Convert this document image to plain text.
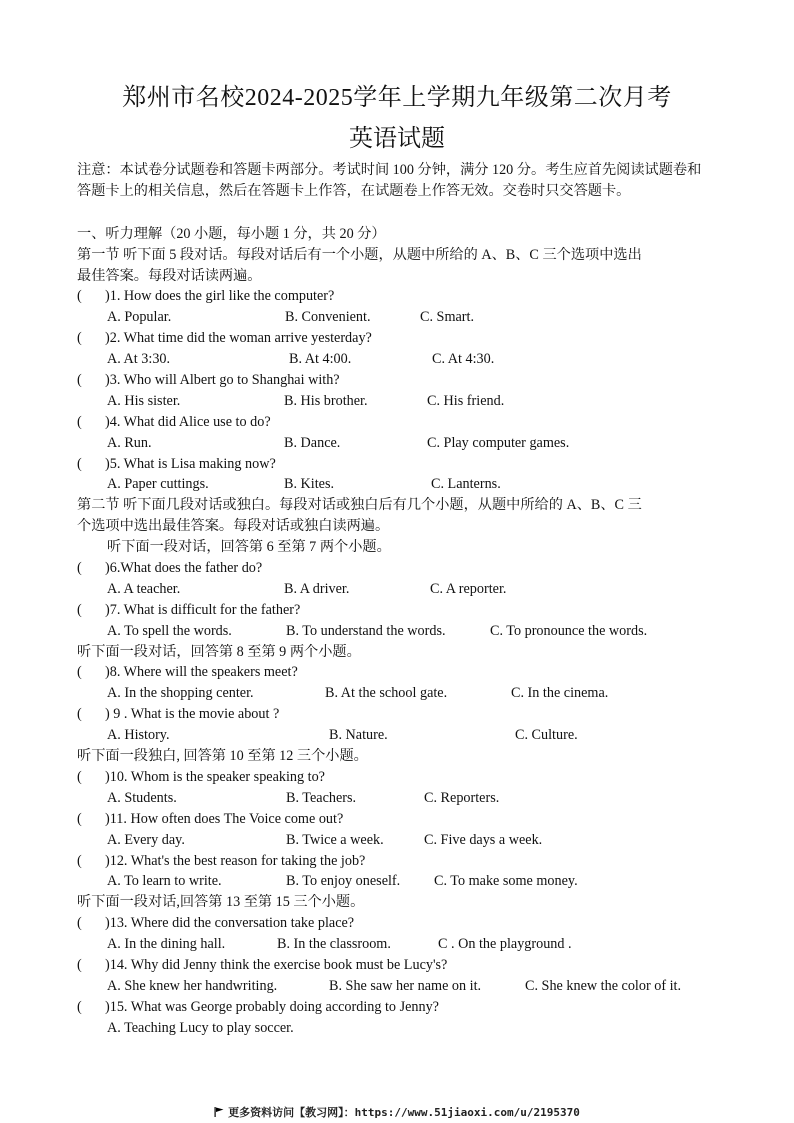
郑州市名校2024-2025学年上学期九年级第二次月考
英语试题
注意：本试卷分试题卷和答题卡两部分。考试时间 100 分钟，满分 120 分。考生应首先阅读试题卷和
答题卡上的相关信息，然后在答题卡上作答，在试题卷上作答无效。交卷时只交答题卡。
一、听力理解（20 小题，每小题 1 分，共 20 分）
第一节 听下面 5 段对话。每段对话后有一个小题，从题中所给的 A、B、C 三个选项中选出
最佳答案。每段对话读两遍。
( )1. How does the girl like the computer?
A. Popular.	B. Convenient.	C. Smart.
( )2. What time did the woman arrive yesterday?
A. At 3:30.	B. At 4:00.	C. At 4:30.
( )3. Who will Albert go to Shanghai with?
A. His sister.	B. His brother.	C. His friend.
( )4. What did Alice use to do?
A. Run.	B. Dance.	C. Play computer games.
( )5. What is Lisa making now?
A. Paper cuttings.	B. Kites.	C. Lanterns.
第二节 听下面几段对话或独白。每段对话或独白后有几个小题，从题中所给的 A、B、C 三
个选项中选出最佳答案。每段对话或独白读两遍。
听下面一段对话，回答第 6 至第 7 两个小题。
( )6.What does the father do?
A. A teacher.	B. A driver.	C. A reporter.
( )7. What is difficult for the father?
A. To spell the words.	B. To understand the words.	C. To pronounce the words.
听下面一段对话，回答第 8 至第 9 两个小题。
( )8. Where will the speakers meet?
A. In the shopping center.	B. At the school gate.	C. In the cinema.
( ) 9 . What is the movie about ?
A. History.	B. Nature.	C. Culture.
听下面一段独白, 回答第 10 至第 12 三个小题。
( )10. Whom is the speaker speaking to?
A. Students.	B. Teachers.	C. Reporters.
( )11. How often does The Voice come out?
A. Every day.	B. Twice a week.	C. Five days a week.
( )12. What's the best reason for taking the job?
A. To learn to write.	B. To enjoy oneself. C. To make some money.
听下面一段对话,回答第 13 至第 15 三个小题。
( )13. Where did the conversation take place?
A. In the dining hall.	B. In the classroom.	C . On the playground .
( )14. Why did Jenny think the exercise book must be Lucy's?
A. She knew her handwriting.	B. She saw her name on it.	C. She knew the color of it.
( )15. What was George probably doing according to Jenny?
A. Teaching Lucy to play soccer.
更多资料访问【教习网】：https://www.51jiaoxi.com/u/2195370
